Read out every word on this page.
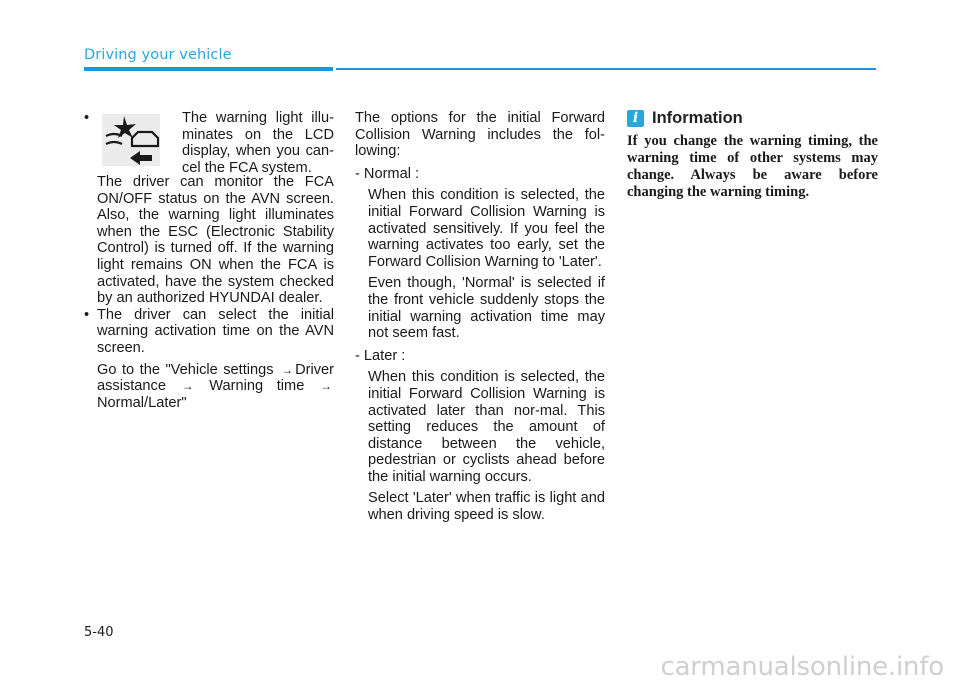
Driving your vehicle
•	The warning light illu-minates on the LCD display, when you can-cel the FCA system.

The driver can monitor the FCA ON/OFF status on the AVN screen. Also, the warning light illuminates when the ESC (Electronic Stability Control) is turned off. If the warning light remains ON when the FCA is activated, have the system checked by an authorized HYUNDAI dealer.

• The driver can select the initial warning activation time on the AVN screen.

Go to the "Vehicle settings → Driver assistance → Warning time → Normal/Later"

The options for the initial Forward Collision Warning includes the fol-lowing:

- Normal :

When this condition is selected, the initial Forward Collision Warning is activated sensitively. If you feel the warning activates too early, set the Forward Collision Warning to 'Later'.

Even though, 'Normal' is selected if the front vehicle suddenly stops the initial warning activation time may not seem fast.

- Later :

When this condition is selected, the initial Forward Collision Warning is activated later than nor-mal. This setting reduces the amount of distance between the vehicle, pedestrian or cyclists ahead before the initial warning occurs.

Select 'Later' when traffic is light and when driving speed is slow.

i Information

If you change the warning timing, the warning time of other systems may change. Always be aware before changing the warning timing.

5-40
carmanualsonline.info
